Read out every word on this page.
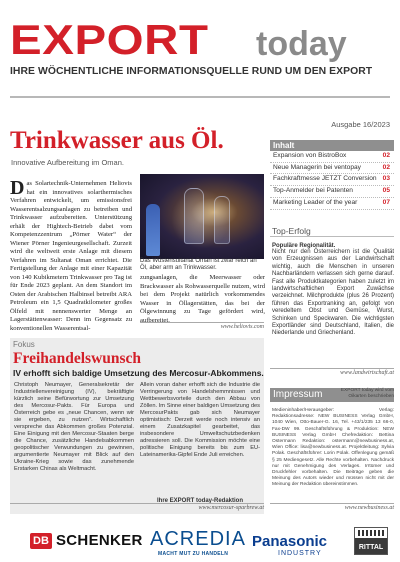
EXPORT today
IHRE WÖCHENTLICHE INFORMATIONSQUELLE RUND UM DEN EXPORT
Ausgabe 16/2023
Trinkwasser aus Öl.
Innovative Aufbereitung im Oman.
Das Solartechnik-Unternehmen Heliovis hat ein innovatives solarthermisches Verfahren entwickelt, um emissionsfrei Wasserentsalzungsanlagen zu betreiben und Trinkwasser aufzubereiten. Unterstützung erhält der Hightech-Betrieb dabei vom Kompetenzzentrum „Pörner Water“ der Wiener Pörner Ingenieurgesellschaft. Zurzeit wird die weltweit erste Anlage mit diesem Verfahren im Sultanat Oman errichtet. Die Fertigstellung der Anlage mit einer Kapazität von 140 Kubikmetern Trinkwasser pro Tag ist für Ende 2023 geplant. An dem Standort im Osten der Arabischen Halbinsel betreibt ARA Petroleum ein 1,5 Quadratkilometer großes Ölfeld mit nennenswerter Menge an Lagerstättenwasser: Denn im Gegensatz zu konventionellen Wasserentsal-
Das Wüstensultanat Oman ist zwar reich an Öl, aber arm an Trinkwasser.
zungsanlagen, die Meerwasser oder Brackwasser als Rohwasserquelle nutzen, wird bei dem Projekt natürlich vorkommendes Wasser in Öllagerstätten, das bei der Ölgewinnung zu Tage gefördert wird, aufbereitet.
www.heliovis.com
Inhalt
Expansion von BistroBox	02
Neue Managerin bei ventopay	02
Fachkraftmesse JETZT Conversion 03
Top-Anmelder bei Patenten	05
Marketing Leader of the year	07
Top-Erfolg
Populäre Regionalität.
Nicht nur den Österreichern ist die Qualität von Erzeugnissen aus der Landwirtschaft wichtig, auch die Menschen in unseren Nachbarländern verlassen sich gerne darauf. Fast alle Produktkategorien haben zuletzt im landwirtschaftlichen Export Zuwächse verzeichnet. Milchprodukte (plus 26 Prozent) führen das Exportranking an, gefolgt von veredeltem Obst und Gemüse, Wurst, Schinken und Speckwaren. Die wichtigsten Exportländer sind Deutschland, Italien, die Niederlande und Griechenland.
www.landwirtschaft.at
Fokus
Freihandelswunsch
IV erhofft sich baldige Umsetzung des Mercosur-Abkommens.
Christoph Neumayer, Generalsekretär der Industriellenvereinigung (IV), bekräftigte kürzlich seine Befürwortung zur Umsetzung des Mercosur-Pakts. Für Europa und Österreich gebe es „neue Chancen, wenn wir sie ergeben, zu nutzen“. Wirtschaftlich verspreche das Abkommen großes Potenzial. Eine Einigung mit den Mercosur-Staaten berge die Chance, zusätzliche Handelsabkommen geopolitischer Verwundungen zu gewinnen, argumentierte Neumayer mit Blick auf den Ukraine-Krieg sowie das zunehmende Erstarken Chinas als Weltmacht.
Allein voran daher erhofft sich die Industrie die Verringerung von Handelshemmnissen und Wettbewerbsvorteile durch den Abbau von Zöllen. Im Sinne einer baldigen Umsetzung des MercosurPakts gab sich Neumayer optimistisch: Derzeit werde noch intensiv an einem Zusatzkapitel gearbeitet, das insbesondere Umweltschutzbedenken adressieren soll. Die Kommission möchte eine politische Einigung bereits bis zum EU-Lateinamerika-Gipfel Ende Juli erreichen.
Ihre EXPORT today-Redaktion
www.mercosur-sparbrew.at
Impressum	EXPORT today wird vom Oikarten beschrieben
Medieninhaber/Herausgeber: Verlag: Redaktionsadresse: NEW BUSINESS Verlag GmbH, 1040 Wien, Otto-Bauer-G. 16, Tel. +43/1/235 13 66-0, Fax-DW 99. Geschäftsführung & Produktion: NEW BUSINESS Verlag GmbH Chefredaktion: Bettina Ostermann Redaktion: ostermann@newbusiness.at, Wien Office: lisa@newbusiness.at. Projektleitung: Sylvia Polak. Geschäftsführer: Lorin Polak. Offenlegung gemäß § 25 Mediengesetz. Alle Rechte vorbehalten. Nachdruck nur mit Genehmigung des Verlages. Irrtümer und Druckfehler vorbehalten. Die Beiträge geben die Meinung des Autors wieder und müssen nicht mit der Meinung der Redaktion übereinstimmen.
www.newbusiness.at
DB SCHENKER ACREDIA
MACHT MUT ZU HANDELN
Panasonic
INDUSTRY
RITTAL
